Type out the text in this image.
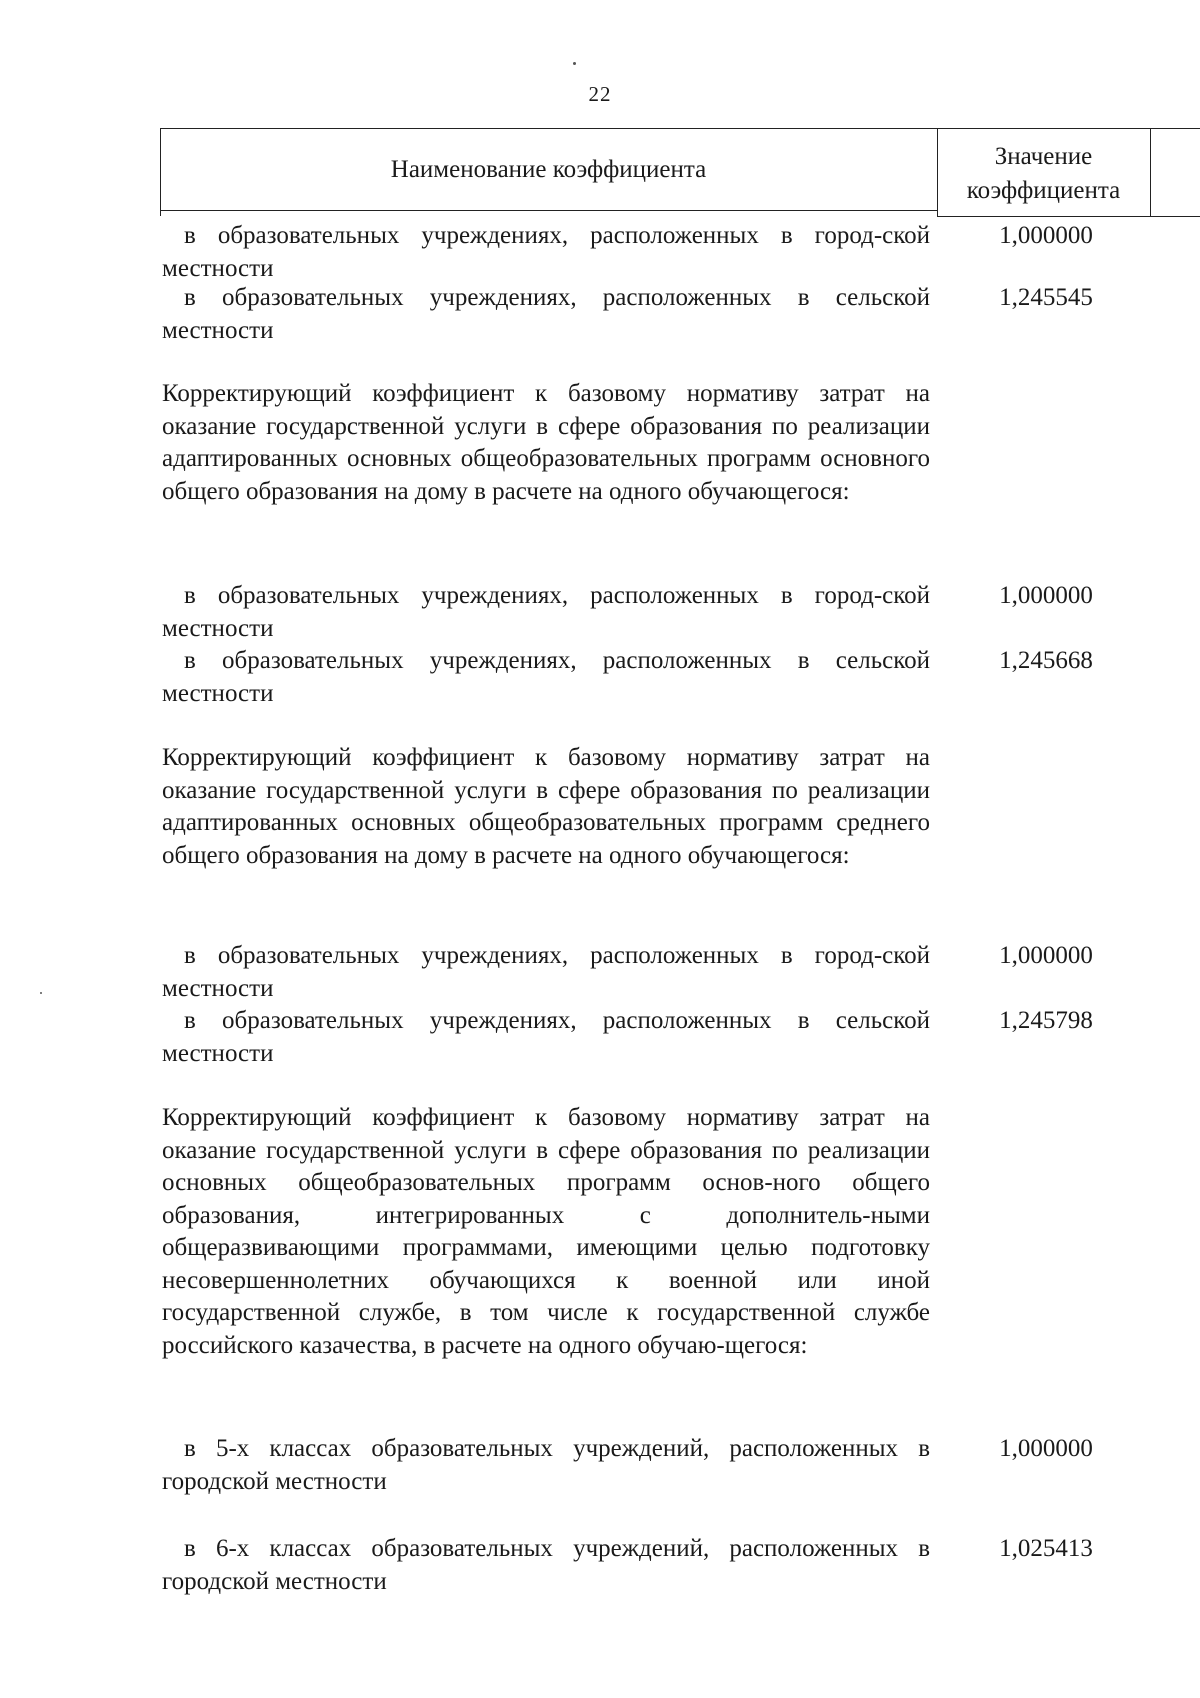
22
Наименование коэффициента	Значение
коэффициента
в образовательных учреждениях, расположенных в город-ской местности
1,000000
в образовательных учреждениях, расположенных в сельской местности
1,245545
Корректирующий коэффициент к базовому нормативу затрат на оказание государственной услуги в сфере образования по реализации адаптированных основных общеобразовательных программ основного общего образования на дому в расчете на одного обучающегося:
в образовательных учреждениях, расположенных в город-ской местности
1,000000
в образовательных учреждениях, расположенных в сельской местности
1,245668
Корректирующий коэффициент к базовому нормативу затрат на оказание государственной услуги в сфере образования по реализации адаптированных основных общеобразовательных программ среднего общего образования на дому в расчете на одного обучающегося:
в образовательных учреждениях, расположенных в город-ской местности
1,000000
в образовательных учреждениях, расположенных в сельской местности
1,245798
Корректирующий коэффициент к базовому нормативу затрат на оказание государственной услуги в сфере образования по реализации основных общеобразовательных программ основ-ного общего образования, интегрированных с дополнитель-ными общеразвивающими программами, имеющими целью подготовку несовершеннолетних обучающихся к военной или иной государственной службе, в том числе к государственной службе российского казачества, в расчете на одного обучаю-щегося:
в 5-х классах образовательных учреждений, расположенных в городской местности
1,000000
в 6-х классах образовательных учреждений, расположенных в городской местности
1,025413
